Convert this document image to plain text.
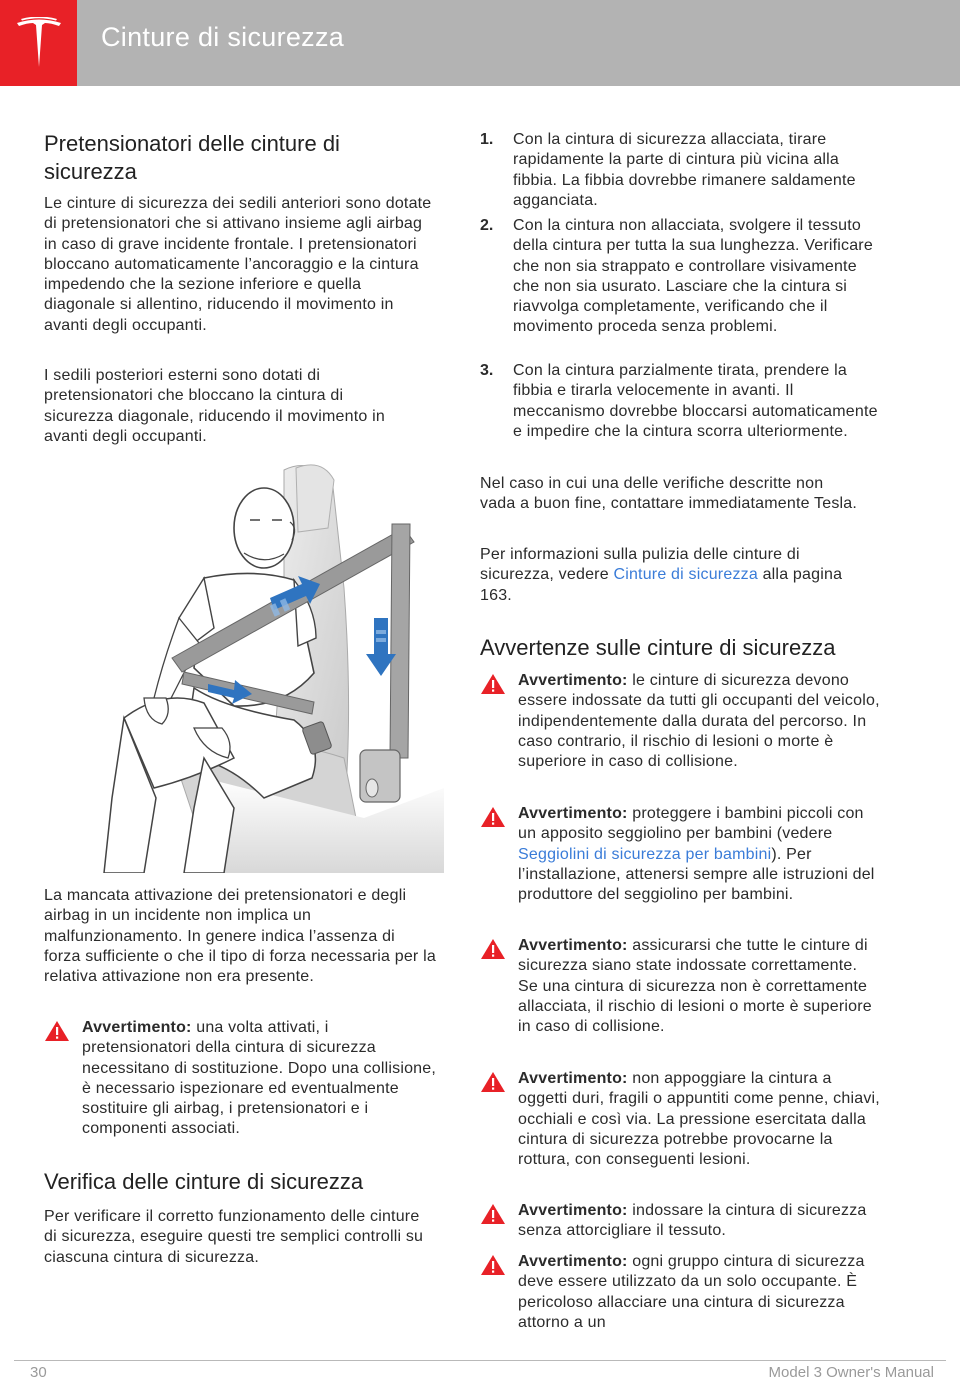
Cinture di sicurezza
Pretensionatori delle cinture di sicurezza

Le cinture di sicurezza dei sedili anteriori sono dotate di pretensionatori che si attivano insieme agli airbag in caso di grave incidente frontale. I pretensionatori bloccano automaticamente l’ancoraggio e la cintura impedendo che la sezione inferiore e quella diagonale si allentino, riducendo il movimento in avanti degli occupanti.

I sedili posteriori esterni sono dotati di pretensionatori che bloccano la cintura di sicurezza diagonale, riducendo il movimento in avanti degli occupanti.

La mancata attivazione dei pretensionatori e degli airbag in un incidente non implica un malfunzionamento. In genere indica l’assenza di forza sufficiente o che il tipo di forza necessaria per la relativa attivazione non era presente.

Avvertimento: una volta attivati, i pretensionatori della cintura di sicurezza necessitano di sostituzione. Dopo una collisione, è necessario ispezionare ed eventualmente sostituire gli airbag, i pretensionatori e i componenti associati.
Verifica delle cinture di sicurezza

Per verificare il corretto funzionamento delle cinture di sicurezza, eseguire questi tre semplici controlli su ciascuna cintura di sicurezza.

1. Con la cintura di sicurezza allacciata, tirare rapidamente la parte di cintura più vicina alla fibbia. La fibbia dovrebbe rimanere saldamente agganciata.
2. Con la cintura non allacciata, svolgere il tessuto della cintura per tutta la sua lunghezza. Verificare che non sia strappato e controllare visivamente che non sia usurato. Lasciare che la cintura si riavvolga completamente, verificando che il movimento proceda senza problemi.
3. Con la cintura parzialmente tirata, prendere la fibbia e tirarla velocemente in avanti. Il meccanismo dovrebbe bloccarsi automaticamente e impedire che la cintura scorra ulteriormente.

Nel caso in cui una delle verifiche descritte non vada a buon fine, contattare immediatamente Tesla.

Per informazioni sulla pulizia delle cinture di sicurezza, vedere Cinture di sicurezza alla pagina 163.

Avvertenze sulle cinture di sicurezza
Avvertimento: le cinture di sicurezza devono essere indossate da tutti gli occupanti del veicolo, indipendentemente dalla durata del percorso. In caso contrario, il rischio di lesioni o morte è superiore in caso di collisione.
Avvertimento: proteggere i bambini piccoli con un apposito seggiolino per bambini (vedere Seggiolini di sicurezza per bambini). Per l’installazione, attenersi sempre alle istruzioni del produttore del seggiolino per bambini.
Avvertimento: assicurarsi che tutte le cinture di sicurezza siano state indossate correttamente. Se una cintura di sicurezza non è correttamente allacciata, il rischio di lesioni o morte è superiore in caso di collisione.
Avvertimento: non appoggiare la cintura a oggetti duri, fragili o appuntiti come penne, chiavi, occhiali e così via. La pressione esercitata dalla cintura di sicurezza potrebbe provocarne la rottura, con conseguenti lesioni.
Avvertimento: indossare la cintura di sicurezza senza attorcigliare il tessuto.
Avvertimento: ogni gruppo cintura di sicurezza deve essere utilizzato da un solo occupante. È pericoloso allacciare una cintura di sicurezza attorno a un
30	Model 3 Owner's Manual
